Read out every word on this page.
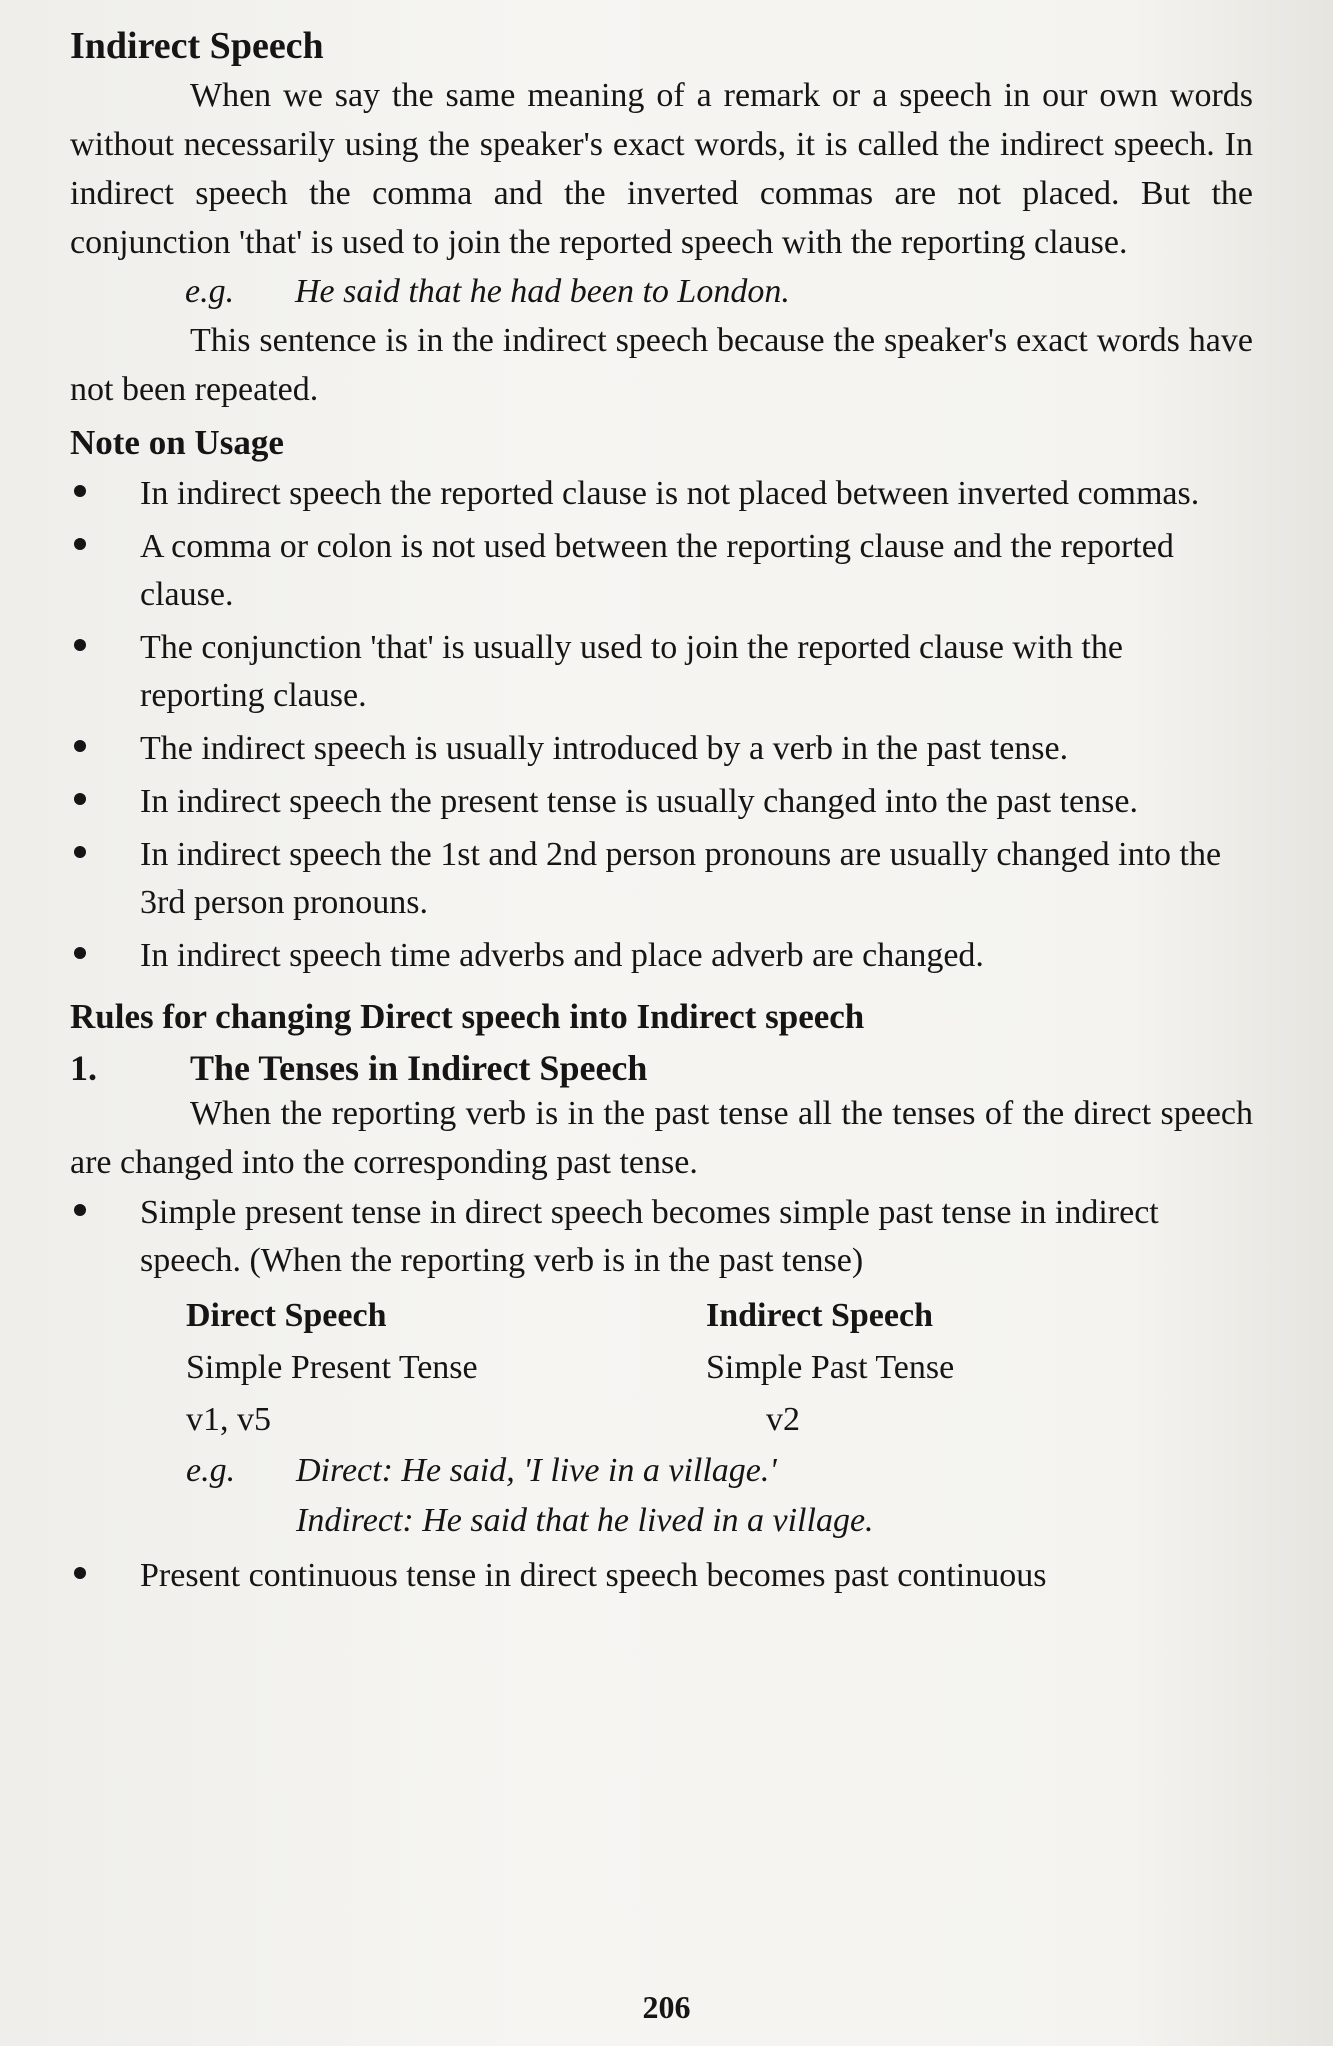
Indirect Speech

When we say the same meaning of a remark or a speech in our own words without necessarily using the speaker's exact words, it is called the indirect speech. In indirect speech the comma and the inverted commas are not placed. But the conjunction 'that' is used to join the reported speech with the reporting clause.

e.g. He said that he had been to London.

This sentence is in the indirect speech because the speaker's exact words have not been repeated.

Note on Usage
In indirect speech the reported clause is not placed between inverted commas.
A comma or colon is not used between the reporting clause and the reported clause.
The conjunction 'that' is usually used to join the reported clause with the reporting clause.
The indirect speech is usually introduced by a verb in the past tense.
In indirect speech the present tense is usually changed into the past tense.
In indirect speech the 1st and 2nd person pronouns are usually changed into the 3rd person pronouns.
In indirect speech time adverbs and place adverb are changed.
Rules for changing Direct speech into Indirect speech
1.	The Tenses in Indirect Speech

When the reporting verb is in the past tense all the tenses of the direct speech are changed into the corresponding past tense.

Simple present tense in direct speech becomes simple past tense in indirect speech. (When the reporting verb is in the past tense)
Direct Speech	Indirect Speech
Simple Present Tense	Simple Past Tense
v1, v5	v2
e.g. Direct: He said, 'I live in a village.'
Indirect: He said that he lived in a village.
Present continuous tense in direct speech becomes past continuous
206
